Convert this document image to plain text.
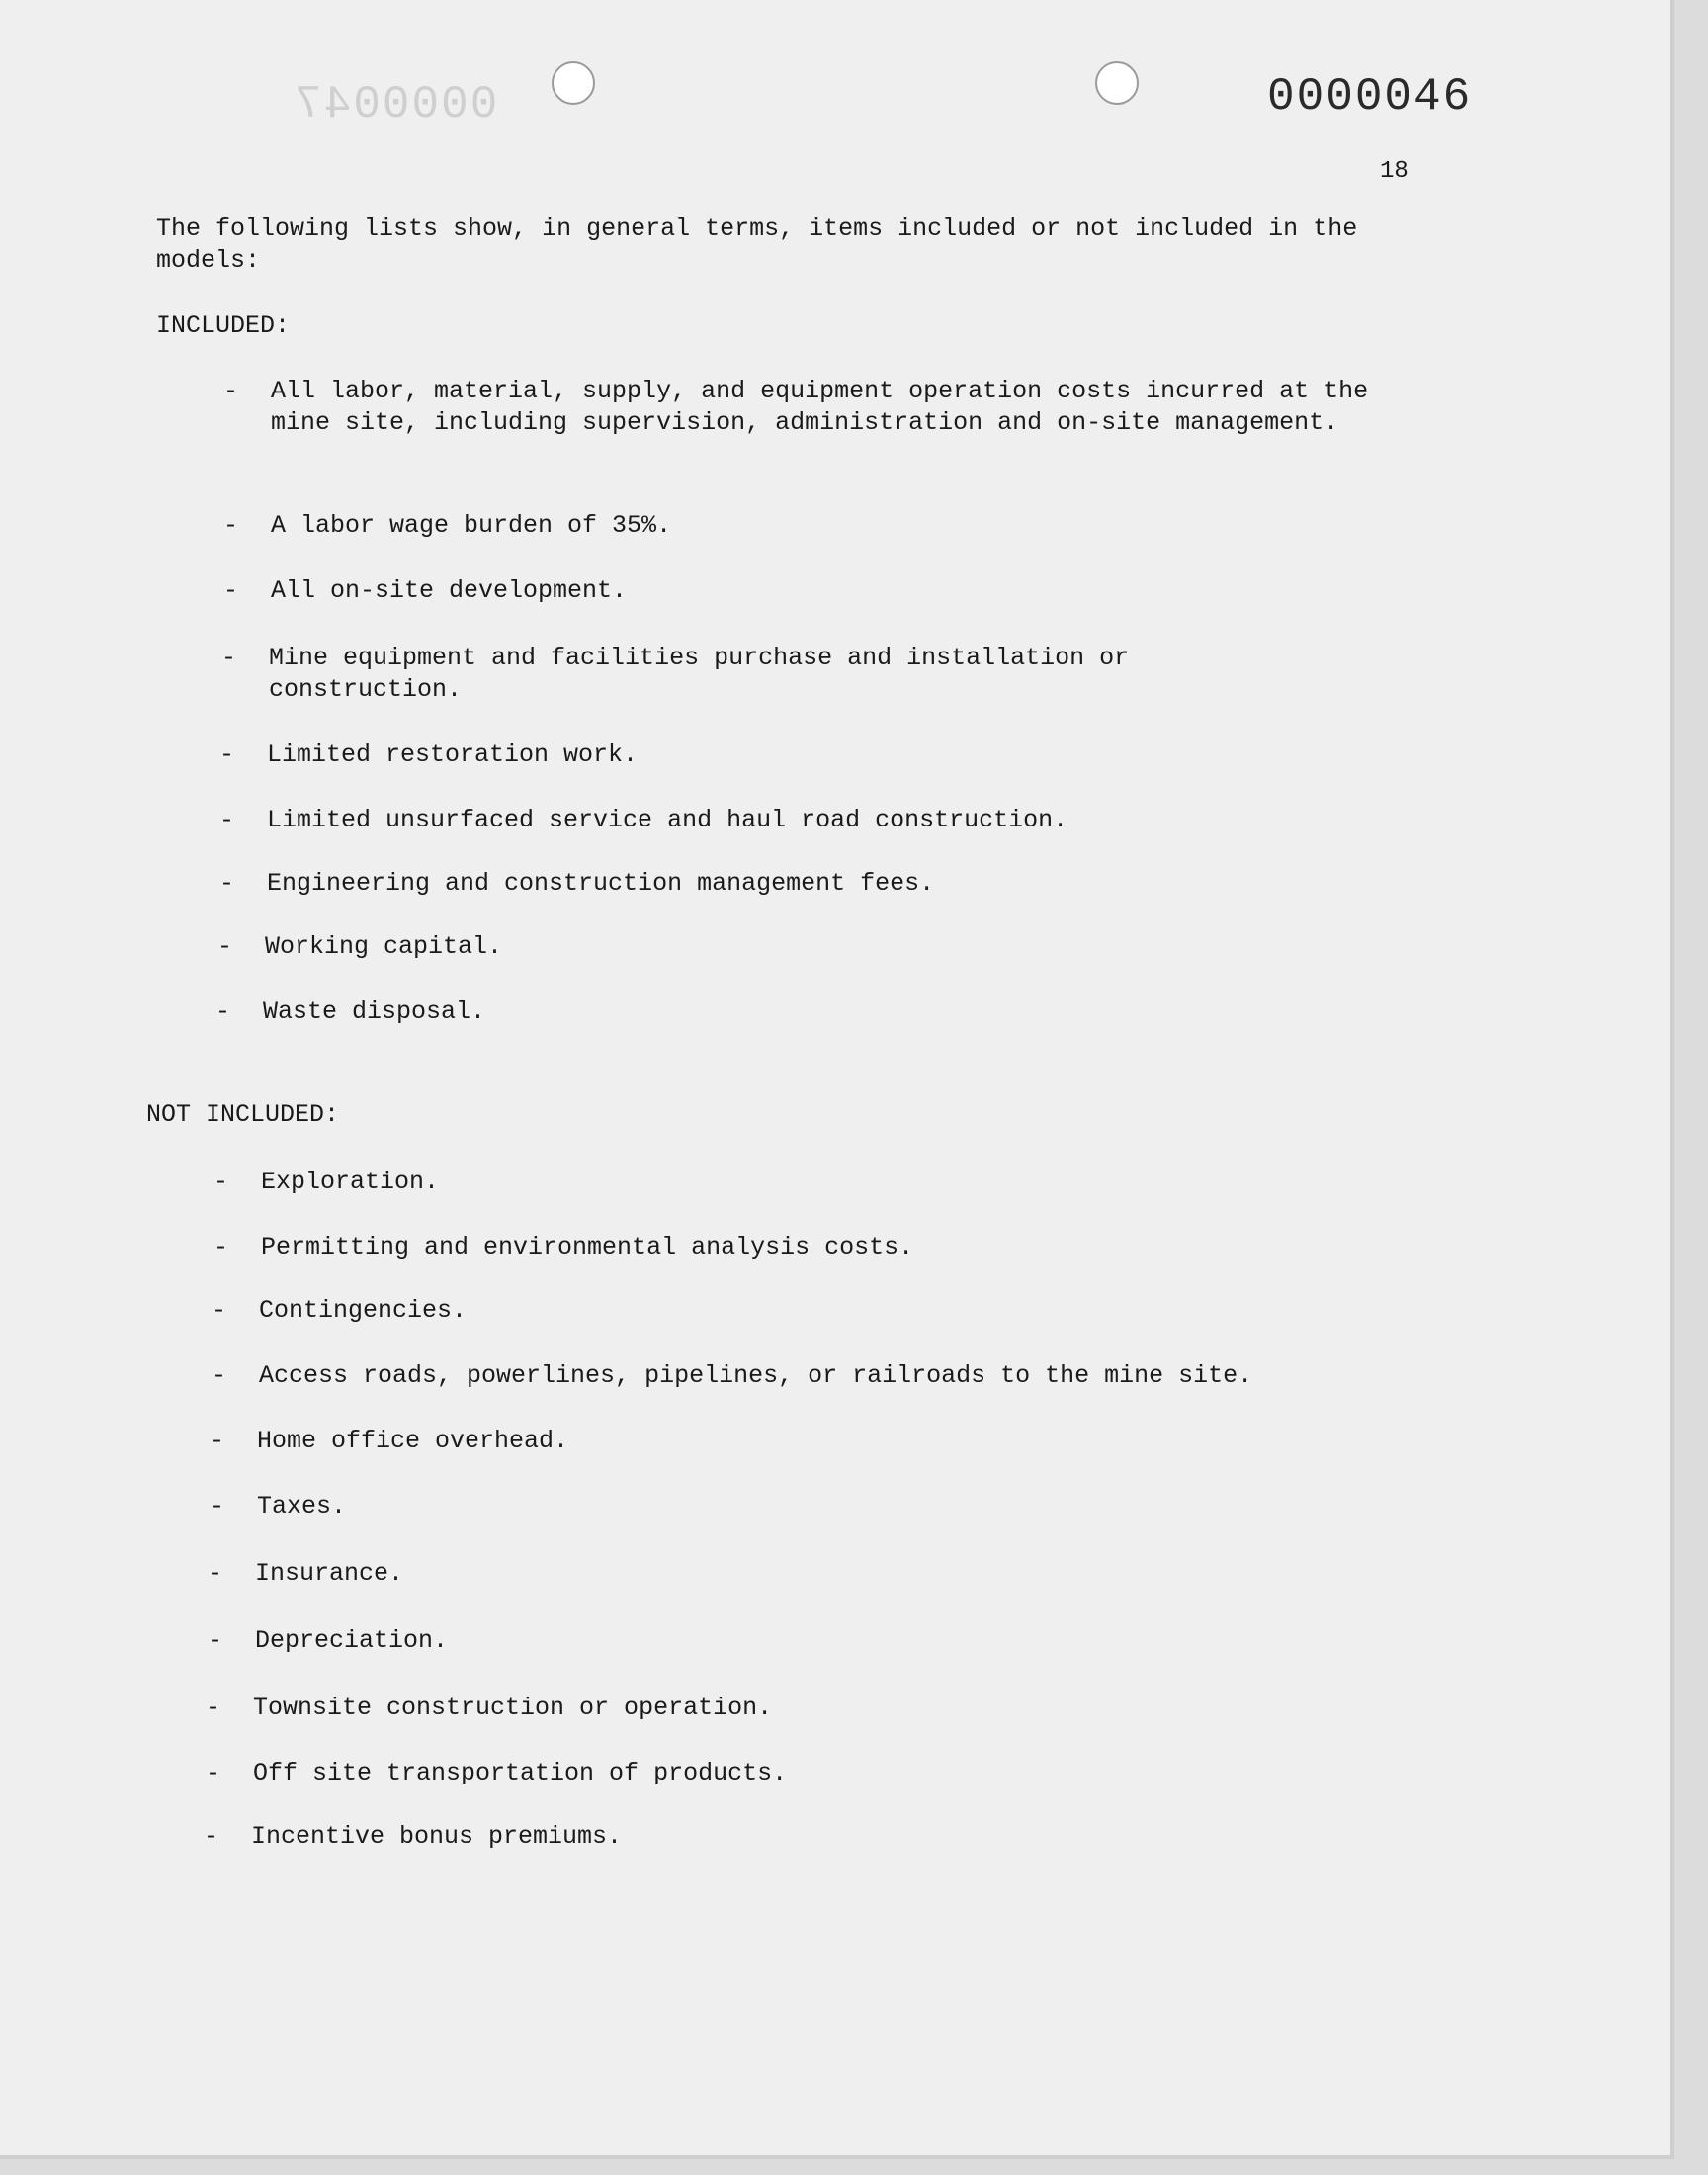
0000047	0000046
18
The following lists show, in general terms, items included or not included in the models:
INCLUDED:
- All labor, material, supply, and equipment operation costs incurred at the mine site, including supervision, administration and on-site management.
- A labor wage burden of 35%.
- All on-site development.
- Mine equipment and facilities purchase and installation or construction.
- Limited restoration work.
- Limited unsurfaced service and haul road construction.
- Engineering and construction management fees.
- Working capital.
- Waste disposal.
NOT INCLUDED:
- Exploration.
- Permitting and environmental analysis costs.
- Contingencies.
- Access roads, powerlines, pipelines, or railroads to the mine site.
- Home office overhead.
- Taxes.
- Insurance.
- Depreciation.
- Townsite construction or operation.
- Off site transportation of products.
- Incentive bonus premiums.
